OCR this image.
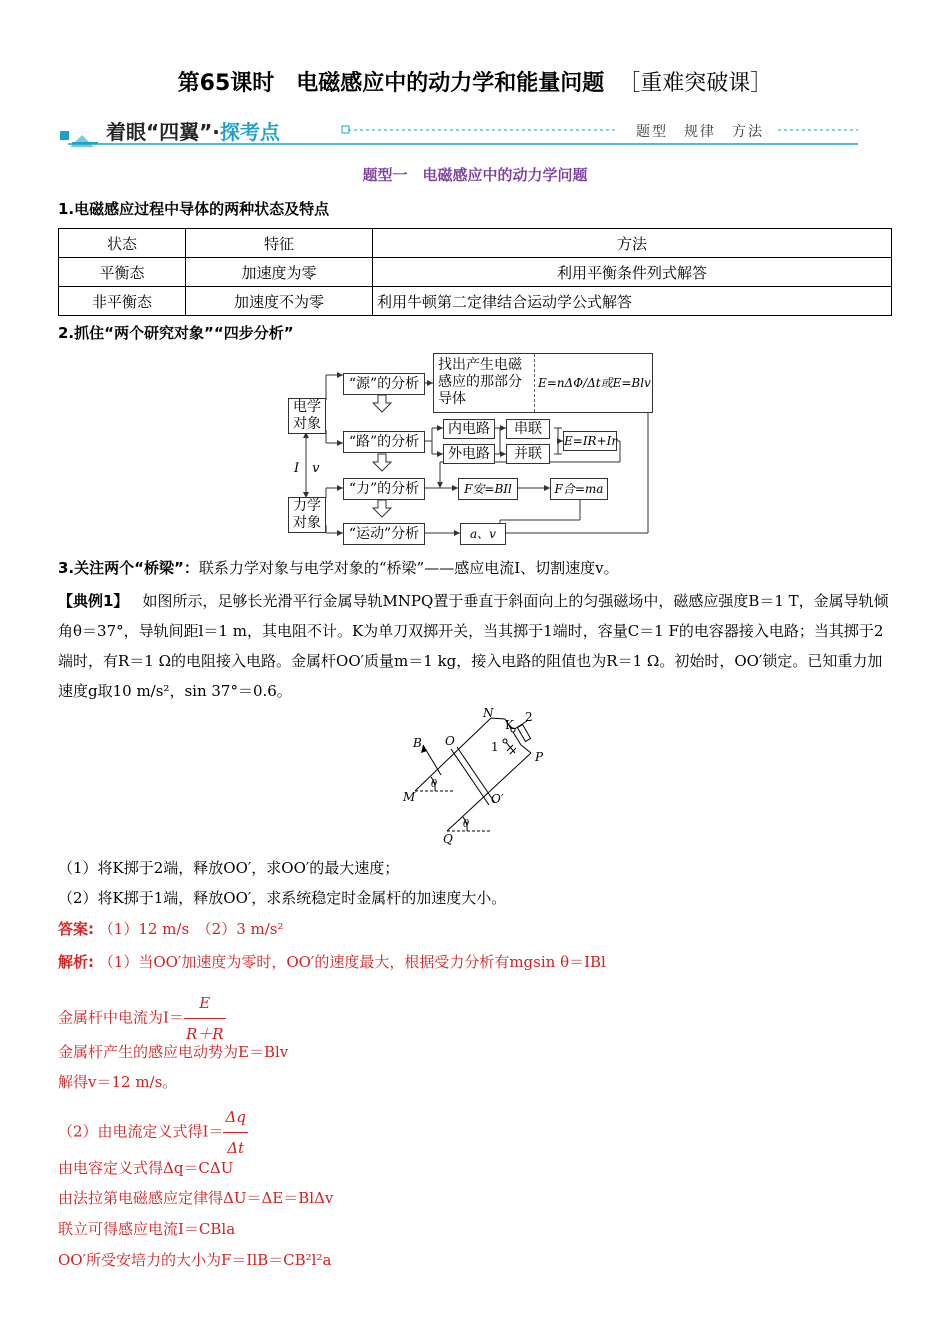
第65课时　电磁感应中的动力学和能量问题 ［重难突破课］
着眼“四翼”·探考点	题型　规律　方法
题型一　电磁感应中的动力学问题
1.电磁感应过程中导体的两种状态及特点
状态	特征	方法
平衡态	加速度为零	利用平衡条件列式解答
非平衡态	加速度不为零	利用牛顿第二定律结合运动学公式解答
2.抓住“两个研究对象”“四步分析”
电学对象
力学对象
I　v
“源”的分析
“路”的分析
“力”的分析
“运动”分析
找出产生电磁感应的那部分导体
E=nΔΦ/Δt或E=Blv
内电路
外电路
串联
并联
E=IR+Ir
F安=BIl	F合=ma
a、v
3.关注两个“桥梁”：联系力学对象与电学对象的“桥梁”——感应电流I、切割速度v。
【典例1】 如图所示，足够长光滑平行金属导轨MNPQ置于垂直于斜面向上的匀强磁场中，磁感应强度B＝1 T，金属导轨倾角θ＝37°，导轨间距l＝1 m，其电阻不计。K为单刀双掷开关，当其掷于1端时，容量C＝1 F的电容器接入电路；当其掷于2端时，有R＝1 Ω的电阻接入电路。金属杆OO′质量m＝1 kg，接入电路的阻值也为R＝1 Ω。初始时，OO′锁定。已知重力加速度g取10 m/s²，sin 37°＝0.6。
N
K
2
1
B O
P
M	O′
Q
θ
θ
（1）将K掷于2端，释放OO′，求OO′的最大速度；
（2）将K掷于1端，释放OO′，求系统稳定时金属杆的加速度大小。
答案: （1）12 m/s　（2）3 m/s²
解析: （1）当OO′加速度为零时，OO′的速度最大，根据受力分析有mgsin θ＝IBl
金属杆中电流为$I= \frac{E}{R+R}$
金属杆产生的感应电动势为E＝Blv
解得v＝12 m/s。
（2）由电流定义式得$I= \frac{\Delta q}{\Delta t}$
由电容定义式得Δq＝CΔU
由法拉第电磁感应定律得ΔU＝ΔE＝BlΔv
联立可得感应电流I＝CBla
OO′所受安培力的大小为F＝IlB＝CB²l²a
